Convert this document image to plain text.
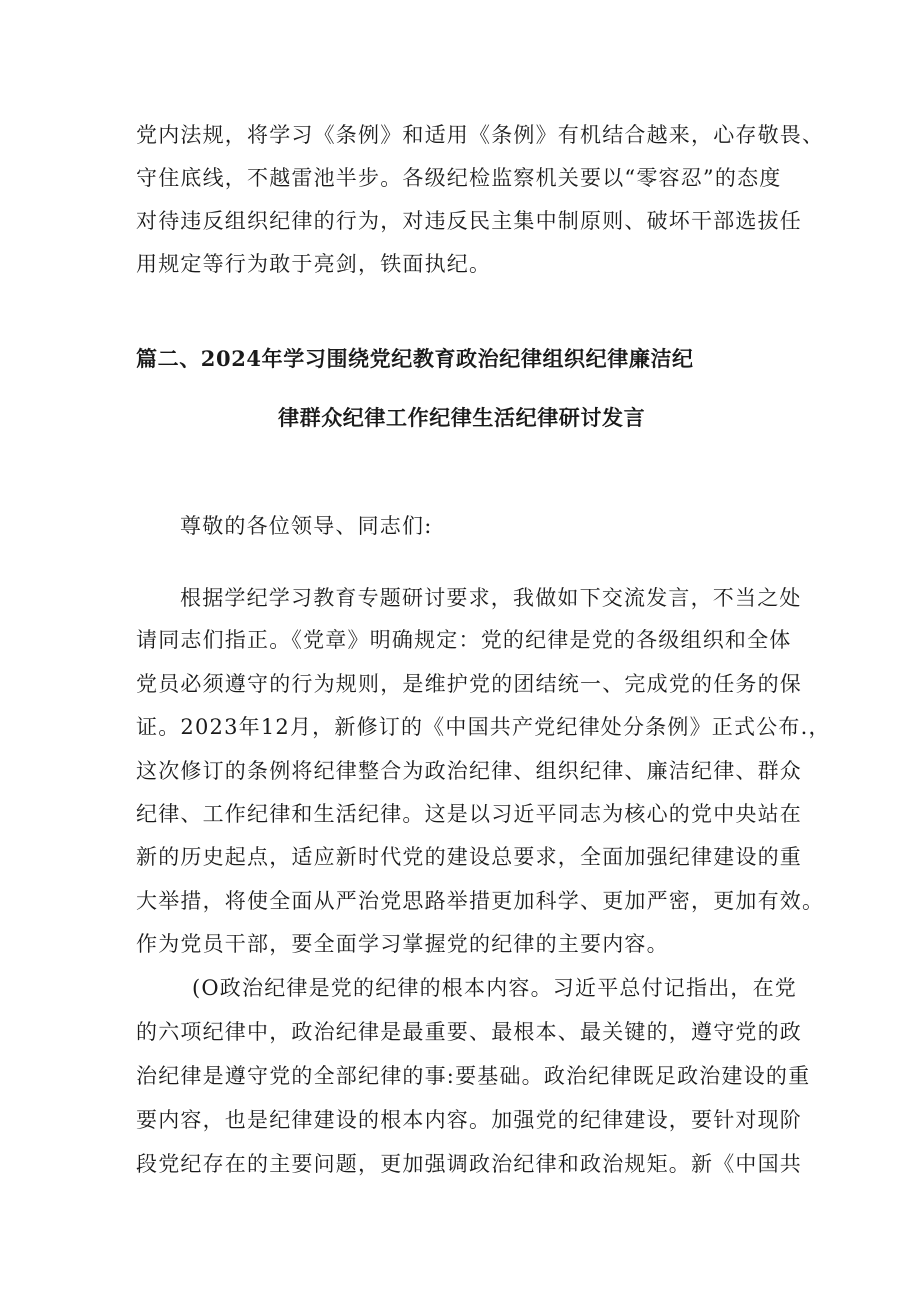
党内法规，将学习《条例》和适用《条例》有机结合越来，心存敬畏、
守住底线，不越雷池半步。各级纪检监察机关要以“零容忍”的态度
对待违反组织纪律的行为，对违反民主集中制原则、破坏干部选拔任
用规定等行为敢于亮剑，铁面执纪。
篇二、2024年学习围绕党纪教育政治纪律组织纪律廉洁纪
律群众纪律工作纪律生活纪律研讨发言
尊敬的各位领导、同志们:
根据学纪学习教育专题研讨要求，我做如下交流发言，不当之处
请同志们指正。《党章》明确规定：党的纪律是党的各级组织和全体
党员必须遵守的行为规则，是维护党的团结统一、完成党的任务的保
证。2023年12月，新修订的《中国共产党纪律处分条例》正式公布.，
这次修订的条例将纪律整合为政治纪律、组织纪律、廉洁纪律、群众
纪律、工作纪律和生活纪律。这是以习近平同志为核心的党中央站在
新的历史起点，适应新时代党的建设总要求，全面加强纪律建设的重
大举措，将使全面从严治党思路举措更加科学、更加严密，更加有效。
作为党员干部，要全面学习掌握党的纪律的主要内容。
(O政治纪律是党的纪律的根本内容。习近平总付记指出，在党
的六项纪律中，政治纪律是最重要、最根本、最关键的，遵守党的政
治纪律是遵守党的全部纪律的事:要基础。政治纪律既足政治建设的重
要内容，也是纪律建设的根本内容。加强党的纪律建设，要针对现阶
段党纪存在的主要问题，更加强调政治纪律和政治规矩。新《中国共
